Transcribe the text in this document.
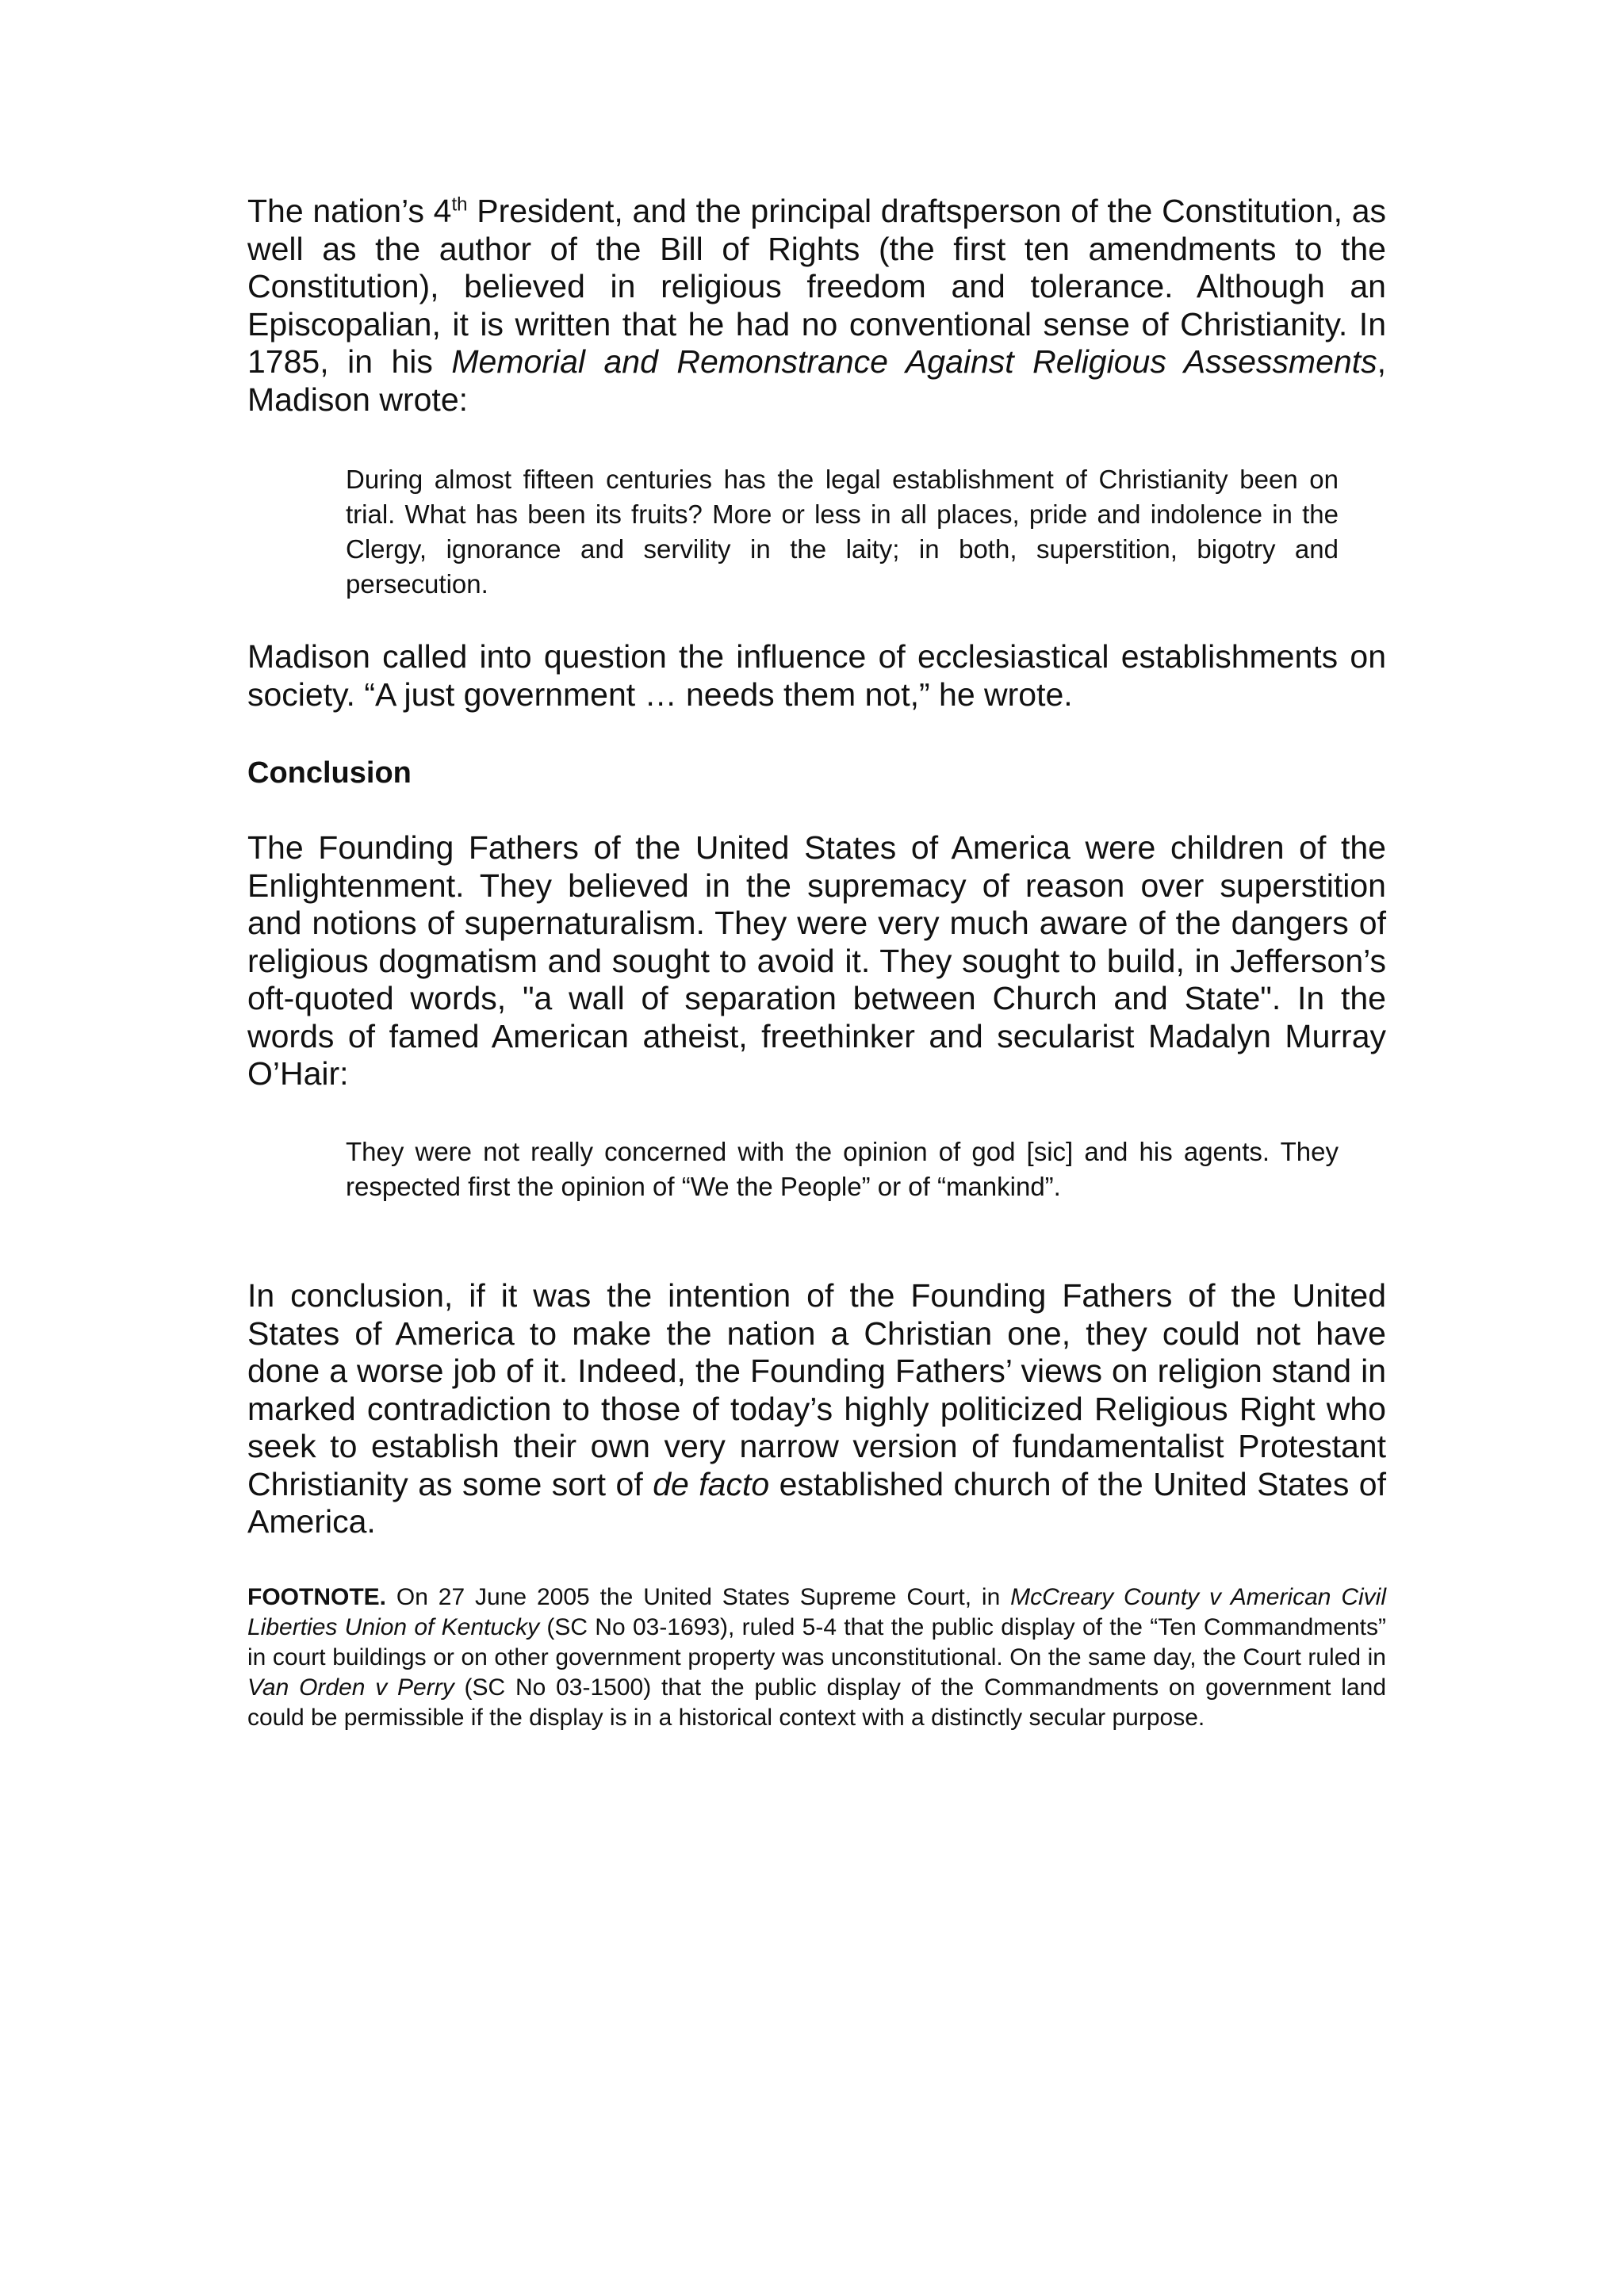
The nation’s 4th President, and the principal draftsperson of the Constitution, as well as the author of the Bill of Rights (the first ten amendments to the Constitution), believed in religious freedom and tolerance. Although an Episcopalian, it is written that he had no conventional sense of Christianity. In 1785, in his Memorial and Remonstrance Against Religious Assessments, Madison wrote:

During almost fifteen centuries has the legal establishment of Christianity been on trial. What has been its fruits? More or less in all places, pride and indolence in the Clergy, ignorance and servility in the laity; in both, superstition, bigotry and persecution.

Madison called into question the influence of ecclesiastical establishments on society. “A just government … needs them not,” he wrote.

Conclusion

The Founding Fathers of the United States of America were children of the Enlightenment. They believed in the supremacy of reason over superstition and notions of supernaturalism. They were very much aware of the dangers of religious dogmatism and sought to avoid it. They sought to build, in Jefferson’s oft-quoted words, "a wall of separation between Church and State". In the words of famed American atheist, freethinker and secularist Madalyn Murray O’Hair:

They were not really concerned with the opinion of god [sic] and his agents. They respected first the opinion of “We the People” or of “mankind”.

In conclusion, if it was the intention of the Founding Fathers of the United States of America to make the nation a Christian one, they could not have done a worse job of it. Indeed, the Founding Fathers’ views on religion stand in marked contradiction to those of today’s highly politicized Religious Right who seek to establish their own very narrow version of fundamentalist Protestant Christianity as some sort of de facto established church of the United States of America.

FOOTNOTE. On 27 June 2005 the United States Supreme Court, in McCreary County v American Civil Liberties Union of Kentucky (SC No 03-1693), ruled 5-4 that the public display of the “Ten Commandments” in court buildings or on other government property was unconstitutional. On the same day, the Court ruled in Van Orden v Perry (SC No 03-1500) that the public display of the Commandments on government land could be permissible if the display is in a historical context with a distinctly secular purpose.
